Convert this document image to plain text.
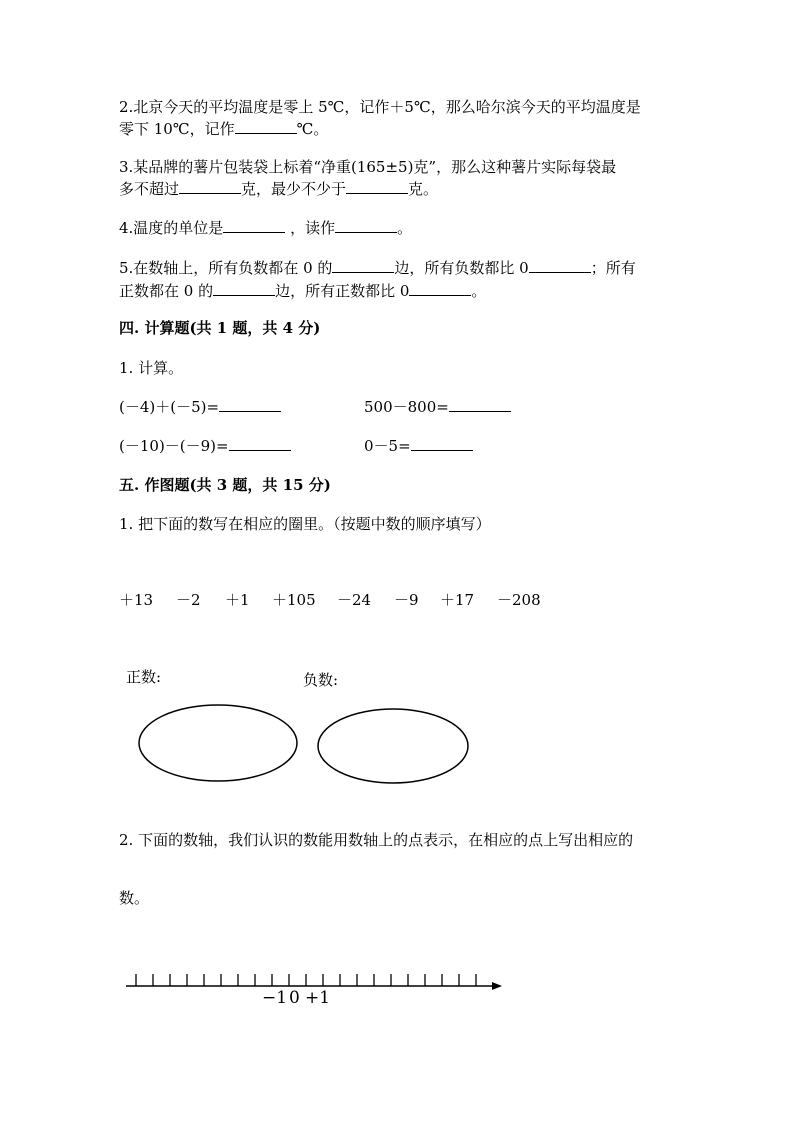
2.北京今天的平均温度是零上 5℃，记作＋5℃，那么哈尔滨今天的平均温度是
零下 10℃，记作	℃。
3.某品牌的薯片包装袋上标着“净重(165±5)克”，那么这种薯片实际每袋最
多不超过	克，最少不少于	克。
4.温度的单位是	，读作	。
5.在数轴上，所有负数都在 0 的	边，所有负数都比 0	；所有
正数都在 0 的	边，所有正数都比 0	。
四. 计算题(共 1 题，共 4 分)
1. 计算。
(－4)＋(－5)=	500－800=
(－10)－(－9)=	0－5=
五. 作图题(共 3 题，共 15 分)
1. 把下面的数写在相应的圈里。（按题中数的顺序填写）
＋13 －2 ＋1 ＋105 －24 －9 ＋17 －208
正数:	负数:
2. 下面的数轴，我们认识的数能用数轴上的点表示，在相应的点上写出相应的
数。
−1 0 +1
